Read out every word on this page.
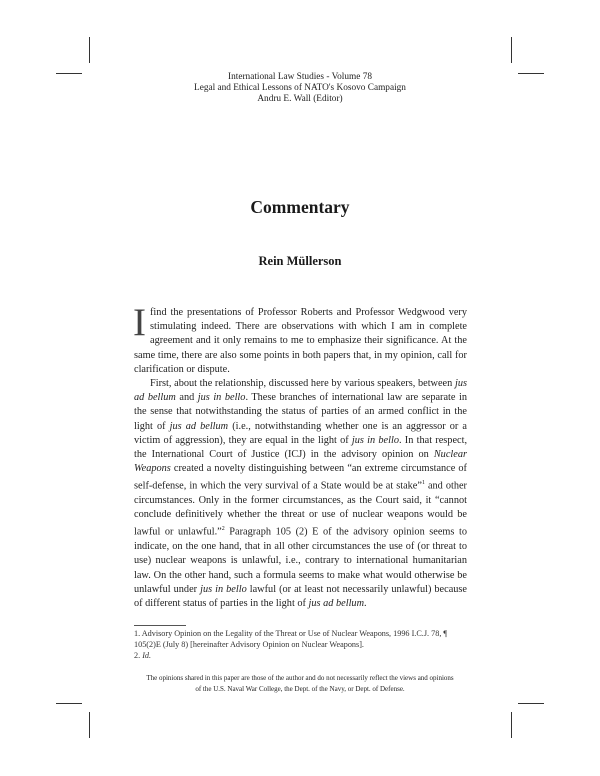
International Law Studies - Volume 78
Legal and Ethical Lessons of NATO's Kosovo Campaign
Andru E. Wall (Editor)
Commentary
Rein Müllerson

I find the presentations of Professor Roberts and Professor Wedgwood very stimulating indeed. There are observations with which I am in complete agreement and it only remains to me to emphasize their significance. At the same time, there are also some points in both papers that, in my opinion, call for clarification or dispute.

First, about the relationship, discussed here by various speakers, between jus ad bellum and jus in bello. These branches of international law are separate in the sense that notwithstanding the status of parties of an armed conflict in the light of jus ad bellum (i.e., notwithstanding whether one is an aggressor or a victim of aggression), they are equal in the light of jus in bello. In that respect, the International Court of Justice (ICJ) in the advisory opinion on Nuclear Weapons created a novelty distinguishing between “an extreme circumstance of self-defense, in which the very survival of a State would be at stake”$^1$ and other circumstances. Only in the former circumstances, as the Court said, it “cannot conclude definitively whether the threat or use of nuclear weapons would be lawful or unlawful.”$^2$ Paragraph 105 (2) E of the advisory opinion seems to indicate, on the one hand, that in all other circumstances the use of (or threat to use) nuclear weapons is unlawful, i.e., contrary to international humanitarian law. On the other hand, such a formula seems to make what would otherwise be unlawful under jus in bello lawful (or at least not necessarily unlawful) because of different status of parties in the light of jus ad bellum.

1. Advisory Opinion on the Legality of the Threat or Use of Nuclear Weapons, 1996 I.C.J. 78, ¶ 105(2)E (July 8) [hereinafter Advisory Opinion on Nuclear Weapons].

2. Id.

The opinions shared in this paper are those of the author and do not necessarily reflect the views and opinions
of the U.S. Naval War College, the Dept. of the Navy, or Dept. of Defense.
